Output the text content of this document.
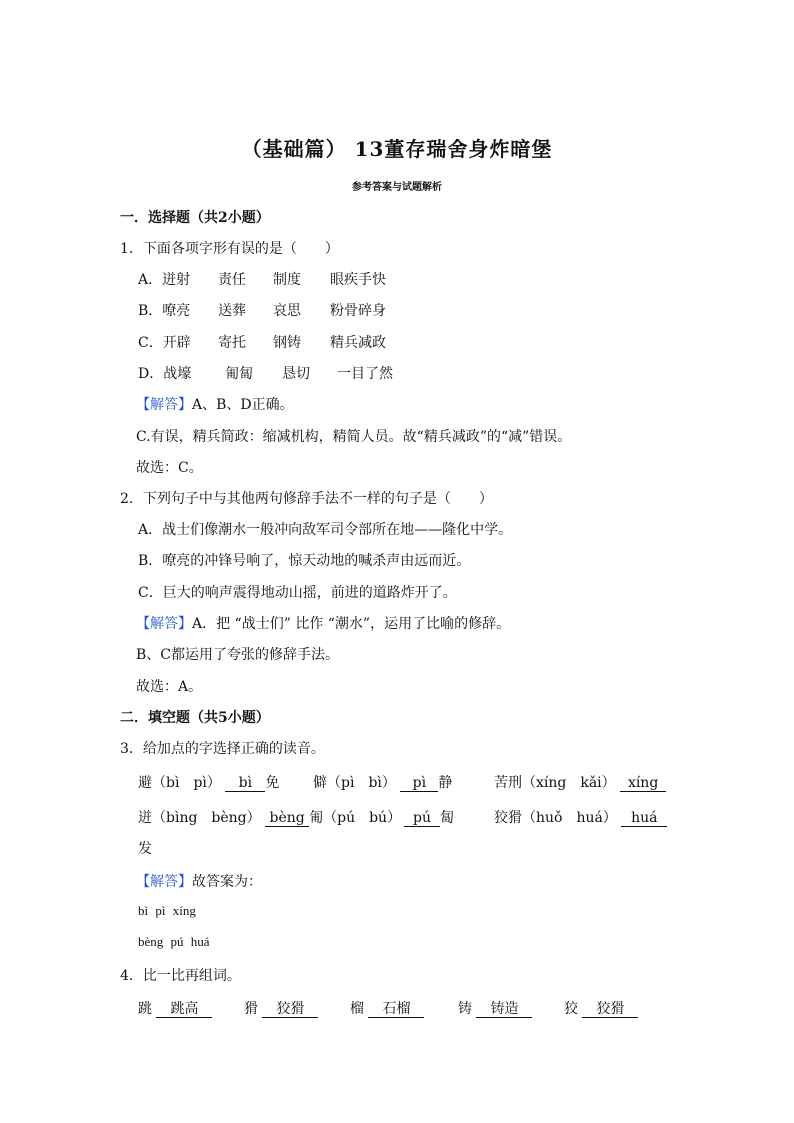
（基础篇） 13董存瑞舍身炸暗堡
参考答案与试题解析
一．选择题（共2小题）
1．下面各项字形有误的是（　　）
A．迸射 责任 制度 眼疾手快
B．嘹亮 送葬 哀思 粉骨碎身
C．开辟 寄托 钢铸 精兵减政
D．战壕 匍匐 恳切 一目了然
【解答】A、B、D正确。
C.有误，精兵简政：缩减机构，精简人员。故“精兵减政”的“减”错误。
故选：C。
2．下列句子中与其他两句修辞手法不一样的句子是（　　）
A．战士们像潮水一般冲向敌军司令部所在地——隆化中学。
B．嘹亮的冲锋号响了，惊天动地的喊杀声由远而近。
C．巨大的响声震得地动山摇，前进的道路炸开了。
【解答】A．把 “战士们” 比作 “潮水”，运用了比喻的修辞。
B、C都运用了夸张的修辞手法。
故选：A。
二．填空题（共5小题）
3．给加点的字选择正确的读音。
避（bì　pì） bì 免 僻（pì　bì） pì 静	苦刑（xíng　kǎi） xíng
迸（bìng　bèng） bèng 匍（pú　bú） pú 匐	狡猾（huǒ　huá） huá
发
【解答】故答案为：
bì pì xíng
bèng pú huá
4．比一比再组词。
跳 跳高	猾 狡猾	榴 石榴	铸 铸造	狡 狡猾
